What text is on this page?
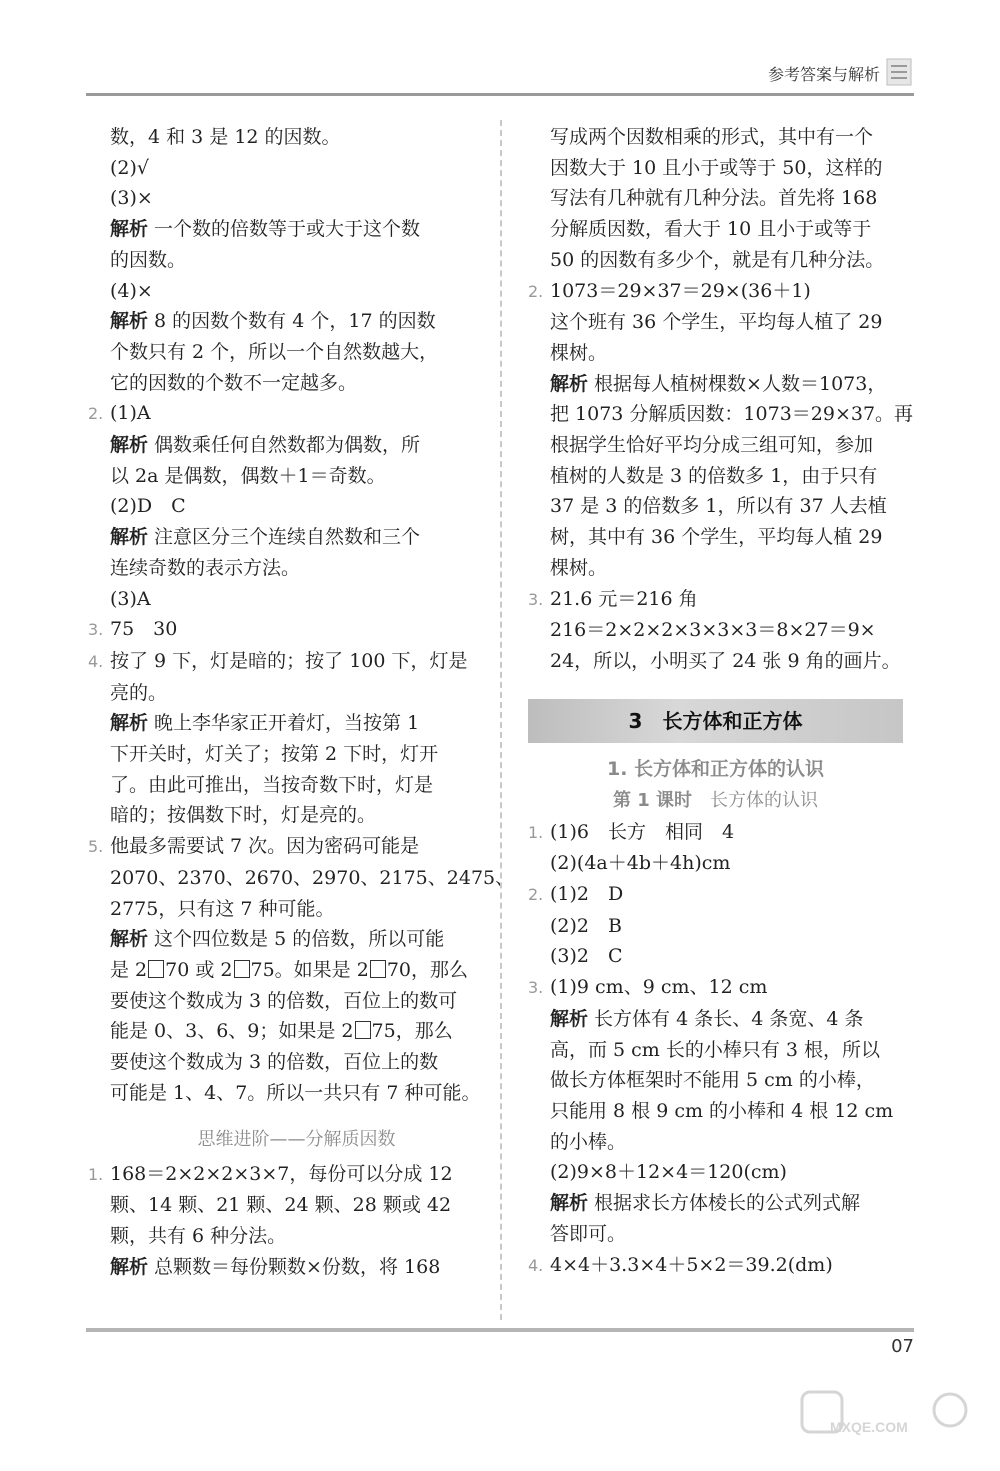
参考答案与解析
数，4 和 3 是 12 的因数。
(2)√
(3)×
解析 一个数的倍数等于或大于这个数
的因数。
(4)×
解析 8 的因数个数有 4 个，17 的因数
个数只有 2 个，所以一个自然数越大，
它的因数的个数不一定越多。
2. (1)A
解析 偶数乘任何自然数都为偶数，所
以 2a 是偶数，偶数＋1＝奇数。
(2)D　C
解析 注意区分三个连续自然数和三个
连续奇数的表示方法。
(3)A
3. 75　30
4. 按了 9 下，灯是暗的；按了 100 下，灯是
亮的。
解析 晚上李华家正开着灯，当按第 1
下开关时，灯关了；按第 2 下时，灯开
了。由此可推出，当按奇数下时，灯是
暗的；按偶数下时，灯是亮的。
5. 他最多需要试 7 次。因为密码可能是
2070、2370、2670、2970、2175、2475、
2775，只有这 7 种可能。
解析 这个四位数是 5 的倍数，所以可能
是 2 70 或 2 75。如果是 2 70，那么
要使这个数成为 3 的倍数，百位上的数可
能是 0、3、6、9；如果是 2 75，那么
要使这个数成为 3 的倍数，百位上的数
可能是 1、4、7。所以一共只有 7 种可能。
思维进阶——分解质因数
1. 168＝2×2×2×3×7，每份可以分成 12
颗、14 颗、21 颗、24 颗、28 颗或 42
颗，共有 6 种分法。
解析 总颗数＝每份颗数×份数，将 168
写成两个因数相乘的形式，其中有一个
因数大于 10 且小于或等于 50，这样的
写法有几种就有几种分法。首先将 168
分解质因数，看大于 10 且小于或等于
50 的因数有多少个，就是有几种分法。
2. 1073＝29×37＝29×(36＋1)
这个班有 36 个学生，平均每人植了 29
棵树。
解析 根据每人植树棵数×人数＝1073，
把 1073 分解质因数：1073＝29×37。再
根据学生恰好平均分成三组可知，参加
植树的人数是 3 的倍数多 1，由于只有
37 是 3 的倍数多 1，所以有 37 人去植
树，其中有 36 个学生，平均每人植 29
棵树。
3. 21.6 元＝216 角
216＝2×2×2×3×3×3＝8×27＝9×
24，所以，小明买了 24 张 9 角的画片。
3　长方体和正方体
1. 长方体和正方体的认识
第 1 课时　长方体的认识
1. (1)6　长方　相同　4
(2)(4a＋4b＋4h)cm
2. (1)2　D
(2)2　B
(3)2　C
3. (1)9 cm、9 cm、12 cm
解析 长方体有 4 条长、4 条宽、4 条
高，而 5 cm 长的小棒只有 3 根，所以
做长方体框架时不能用 5 cm 的小棒，
只能用 8 根 9 cm 的小棒和 4 根 12 cm
的小棒。
(2)9×8＋12×4＝120(cm)
解析 根据求长方体棱长的公式列式解
答即可。
4. 4×4＋3.3×4＋5×2＝39.2(dm)
07
MXQE.COM
